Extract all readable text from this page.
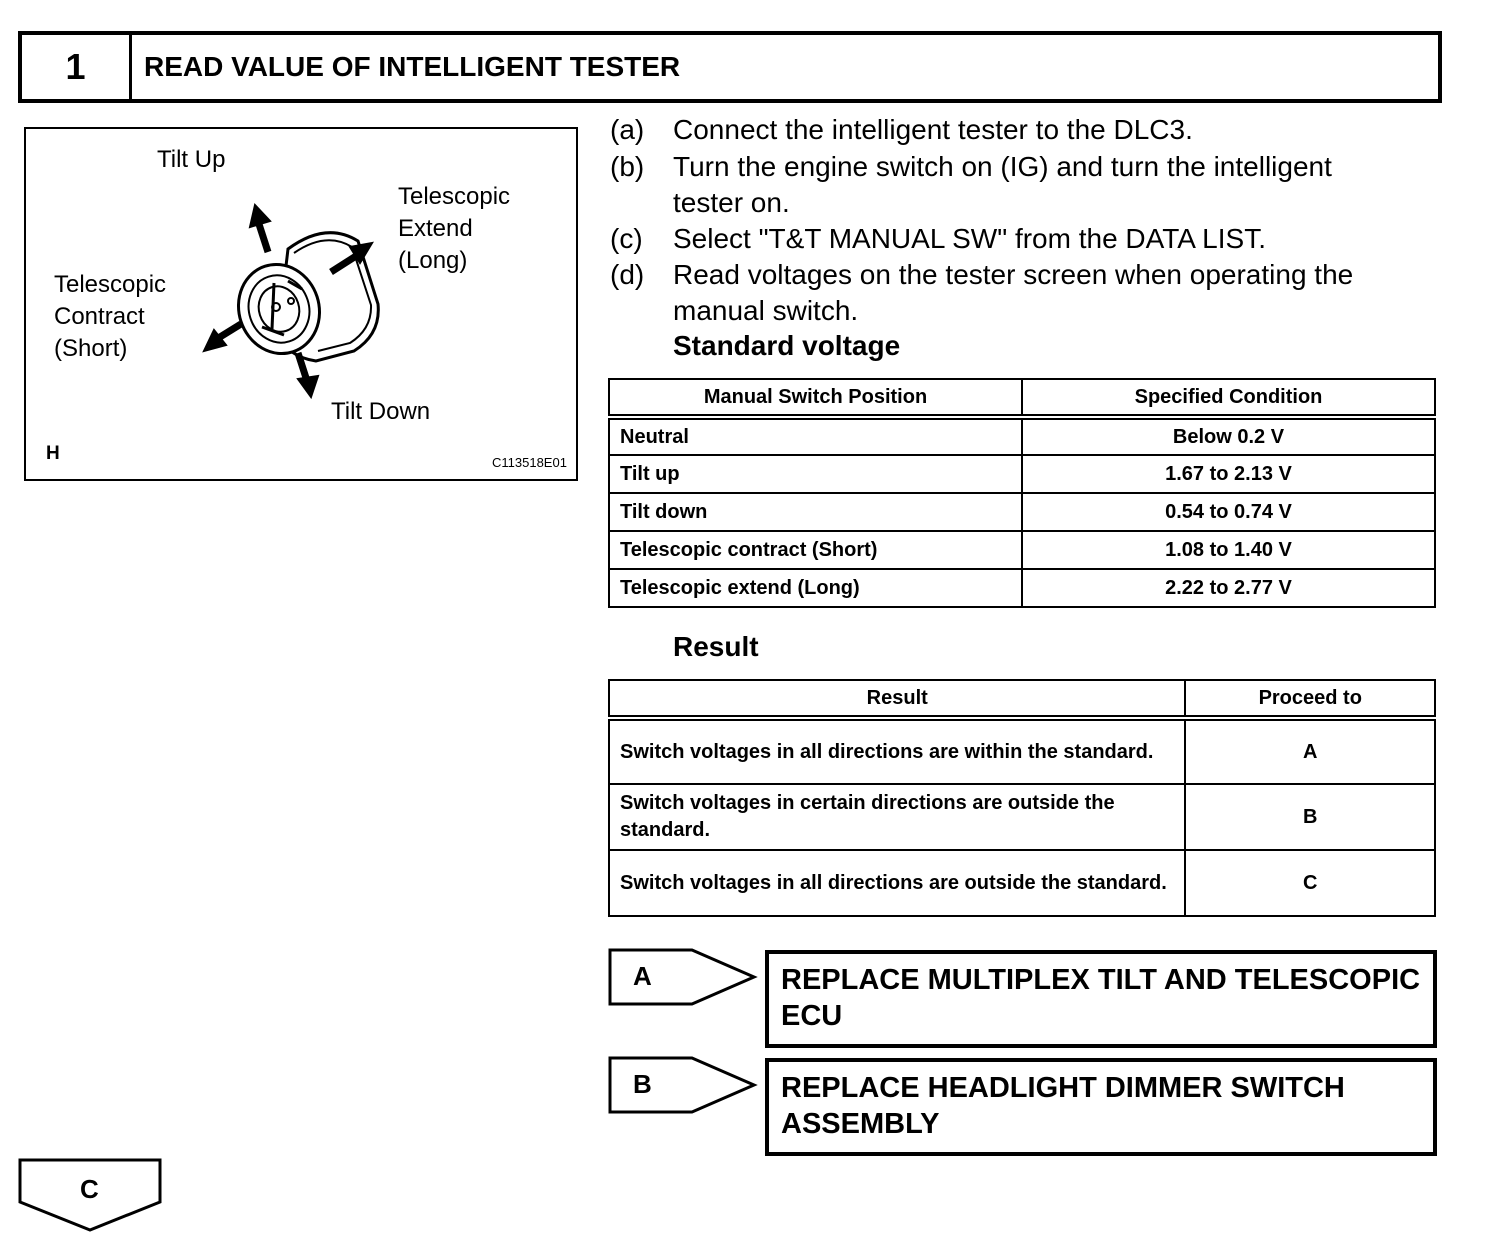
1	READ VALUE OF INTELLIGENT TESTER
Tilt Up
Telescopic
Extend
(Long)
Telescopic
Contract
(Short)
Tilt Down
H	C113518E01
(a)	Connect the intelligent tester to the DLC3.
(b)	Turn the engine switch on (IG) and turn the intelligent tester on.
(c)	Select "T&T MANUAL SW" from the DATA LIST.
(d)	Read voltages on the tester screen when operating the manual switch.
Standard voltage
Manual Switch Position	Specified Condition
Neutral	Below 0.2 V
Tilt up	1.67 to 2.13 V
Tilt down	0.54 to 0.74 V
Telescopic contract (Short)	1.08 to 1.40 V
Telescopic extend (Long)	2.22 to 2.77 V
Result
Result	Proceed to
Switch voltages in all directions are within the standard.	A
Switch voltages in certain directions are outside the standard.	B
Switch voltages in all directions are outside the standard.	C
A	REPLACE MULTIPLEX TILT AND TELESCOPIC ECU
B	REPLACE HEADLIGHT DIMMER SWITCH ASSEMBLY
C
